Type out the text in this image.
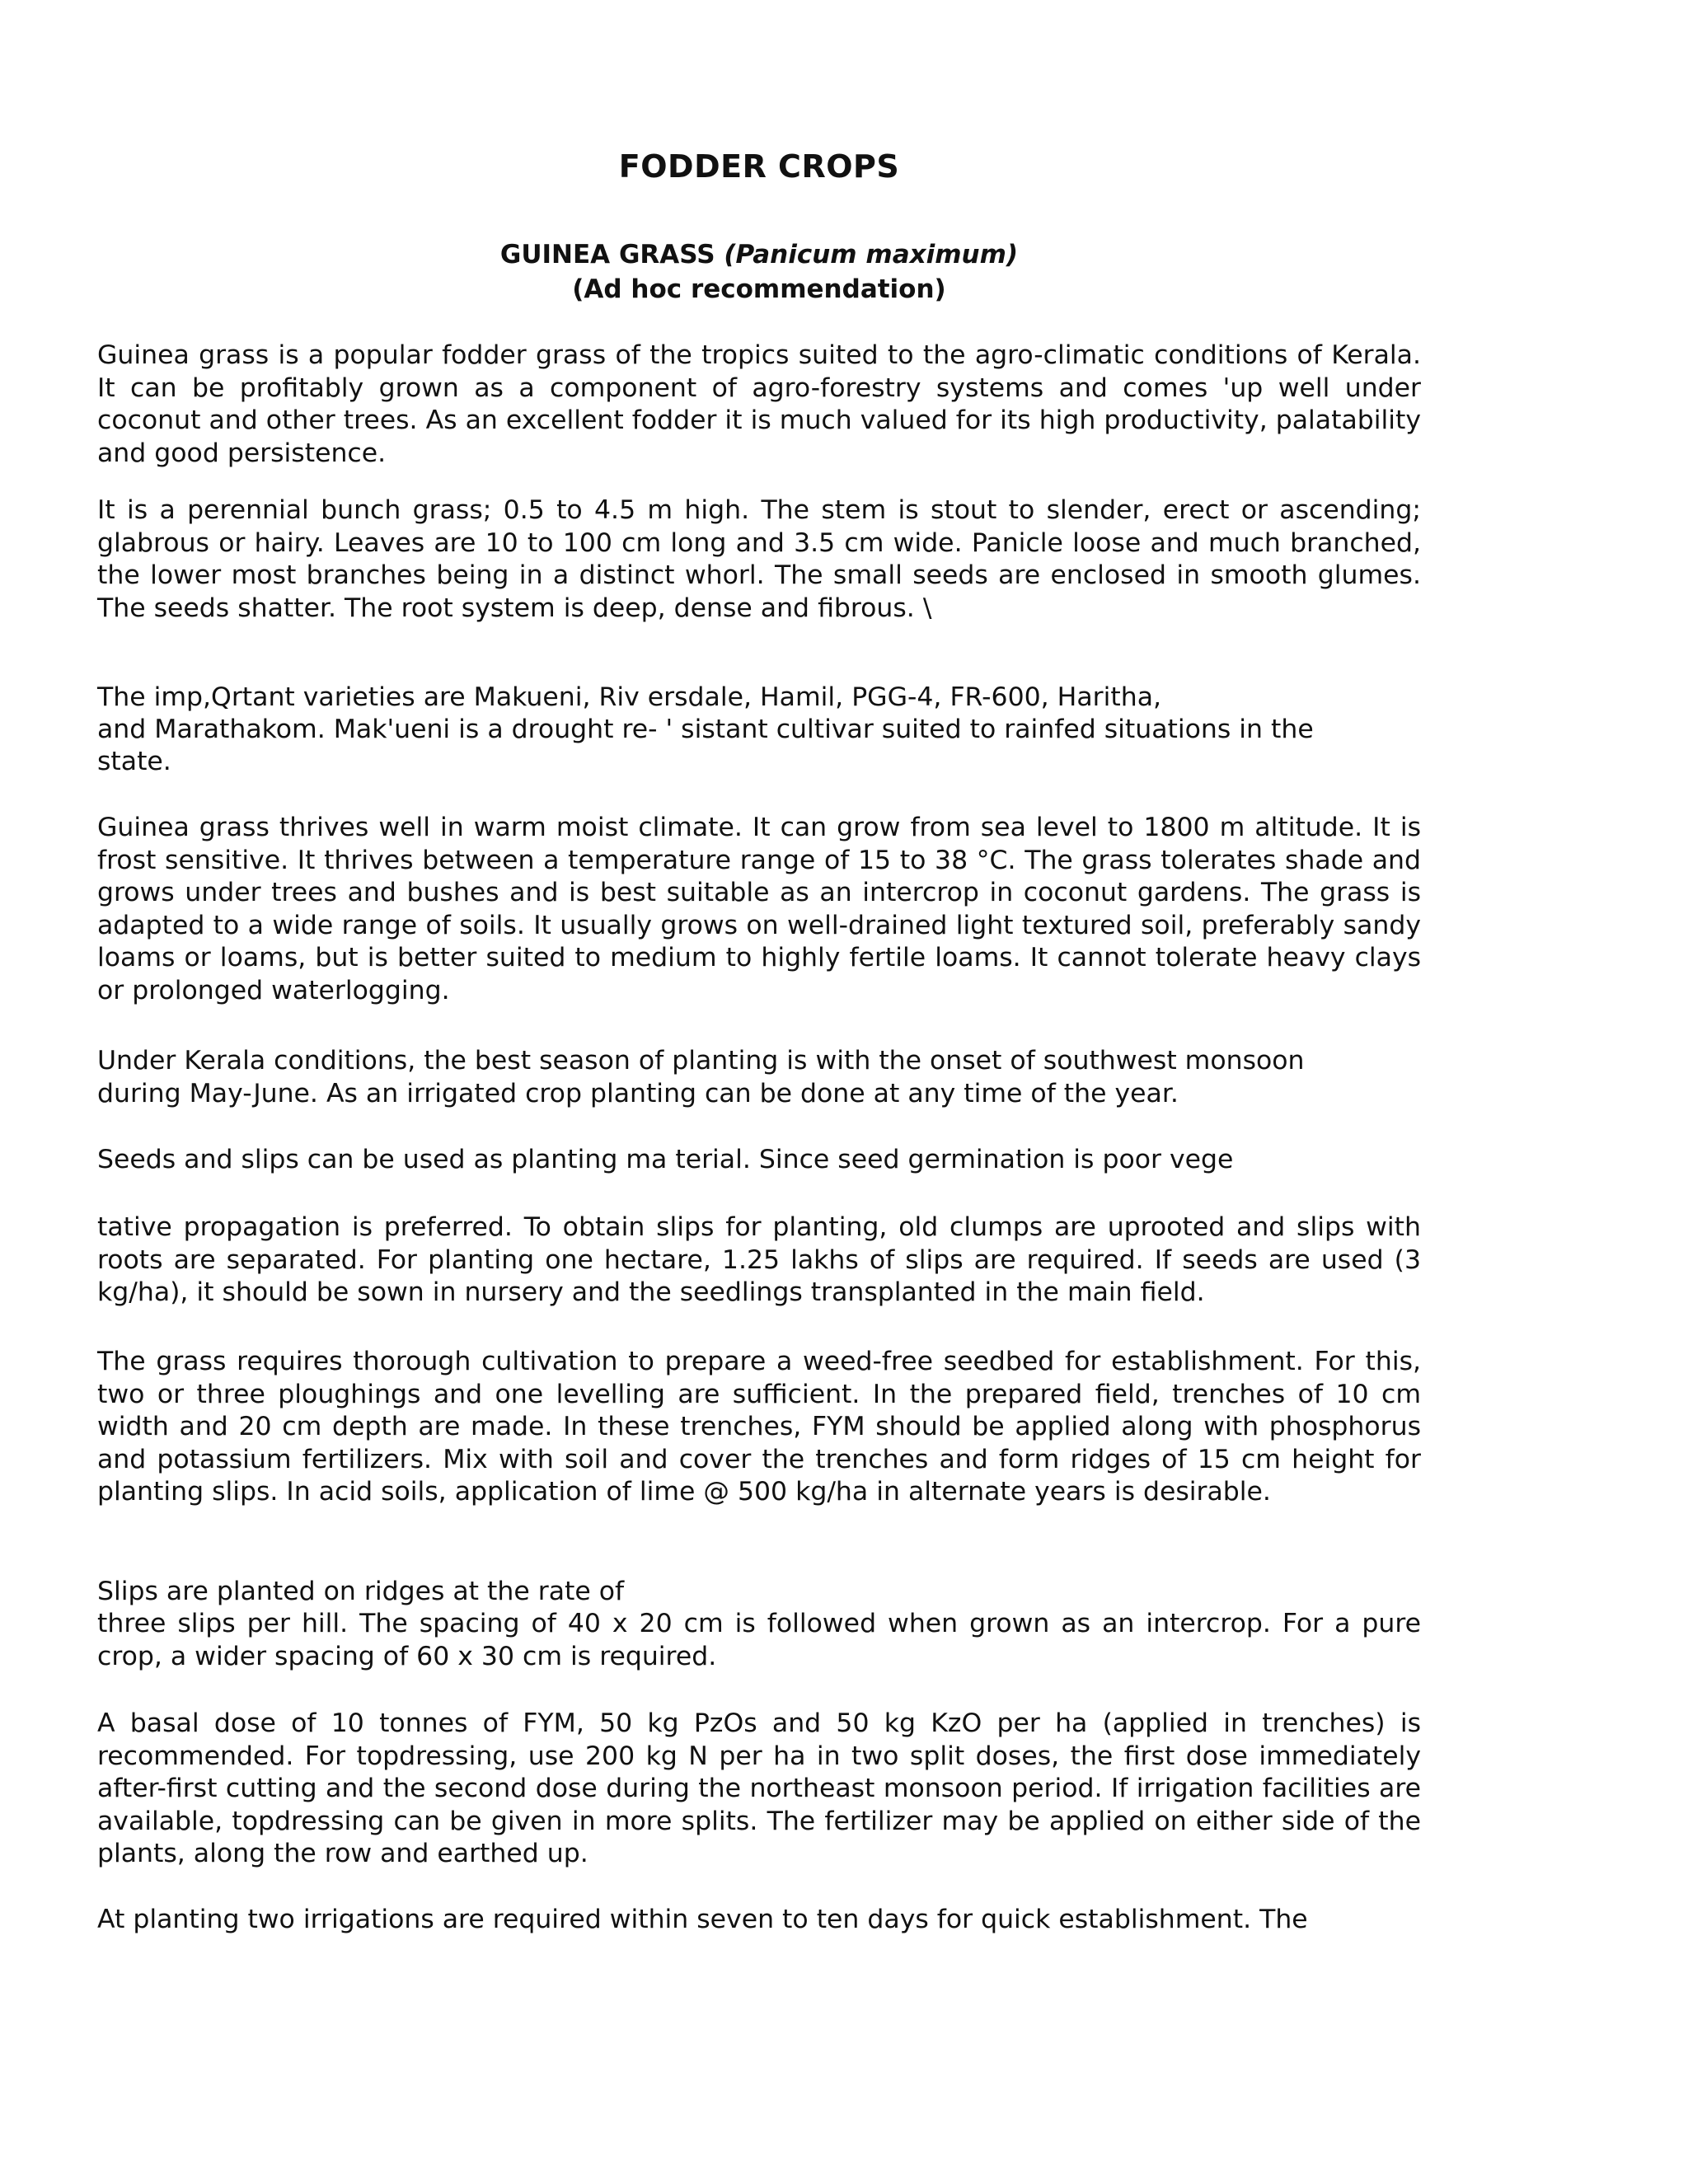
FODDER CROPS
GUINEA GRASS (Panicum maximum)
(Ad hoc recommendation)

Guinea grass is a popular fodder grass of the tropics suited to the agro-climatic conditions of Kerala. It can be profitably grown as a component of agro-forestry systems and comes 'up well under coconut and other trees. As an excellent fodder it is much valued for its high productivity, palatability and good persistence.

It is a perennial bunch grass; 0.5 to 4.5 m high. The stem is stout to slender, erect or ascending; glabrous or hairy. Leaves are 10 to 100 cm long and 3.5 cm wide. Panicle loose and much branched, the lower most branches being in a distinct whorl. The small seeds are enclosed in smooth glumes. The seeds shatter. The root system is deep, dense and fibrous. \

The imp,Qrtant varieties are Makueni, Riv ersdale, Hamil, PGG-4, FR-600, Haritha,
and Marathakom. Mak'ueni is a drought re- ' sistant cultivar suited to rainfed situations in the
state.

Guinea grass thrives well in warm moist climate. It can grow from sea level to 1800 m altitude. It is frost sensitive. It thrives between a temperature range of 15 to 38 °C. The grass tolerates shade and grows under trees and bushes and is best suitable as an intercrop in coconut gardens. The grass is adapted to a wide range of soils. It usually grows on well-drained light textured soil, preferably sandy loams or loams, but is better suited to medium to highly fertile loams. It cannot tolerate heavy clays or prolonged waterlogging.

Under Kerala conditions, the best season of planting is with the onset of southwest monsoon
during May-June. As an irrigated crop planting can be done at any time of the year.
Seeds and slips can be used as planting ma terial. Since seed germination is poor vege

tative propagation is preferred. To obtain slips for planting, old clumps are uprooted and slips with roots are separated. For planting one hectare, 1.25 lakhs of slips are required. If seeds are used (3 kg/ha), it should be sown in nursery and the seedlings transplanted in the main field.

The grass requires thorough cultivation to prepare a weed-free seedbed for establishment. For this, two or three ploughings and one levelling are sufficient. In the prepared field, trenches of 10 cm width and 20 cm depth are made. In these trenches, FYM should be applied along with phosphorus and potassium fertilizers. Mix with soil and cover the trenches and form ridges of 15 cm height for planting slips. In acid soils, application of lime @ 500 kg/ha in alternate years is desirable.

Slips are planted on ridges at the rate of

three slips per hill. The spacing of 40 x 20 cm is followed when grown as an intercrop. For a pure crop, a wider spacing of 60 x 30 cm is required.

A basal dose of 10 tonnes of FYM, 50 kg PzOs and 50 kg KzO per ha (applied in trenches) is recommended. For topdressing, use 200 kg N per ha in two split doses, the first dose immediately after-first cutting and the second dose during the northeast monsoon period. If irrigation facilities are available, topdressing can be given in more splits. The fertilizer may be applied on either side of the plants, along the row and earthed up.

At planting two irrigations are required within seven to ten days for quick establishment. The
